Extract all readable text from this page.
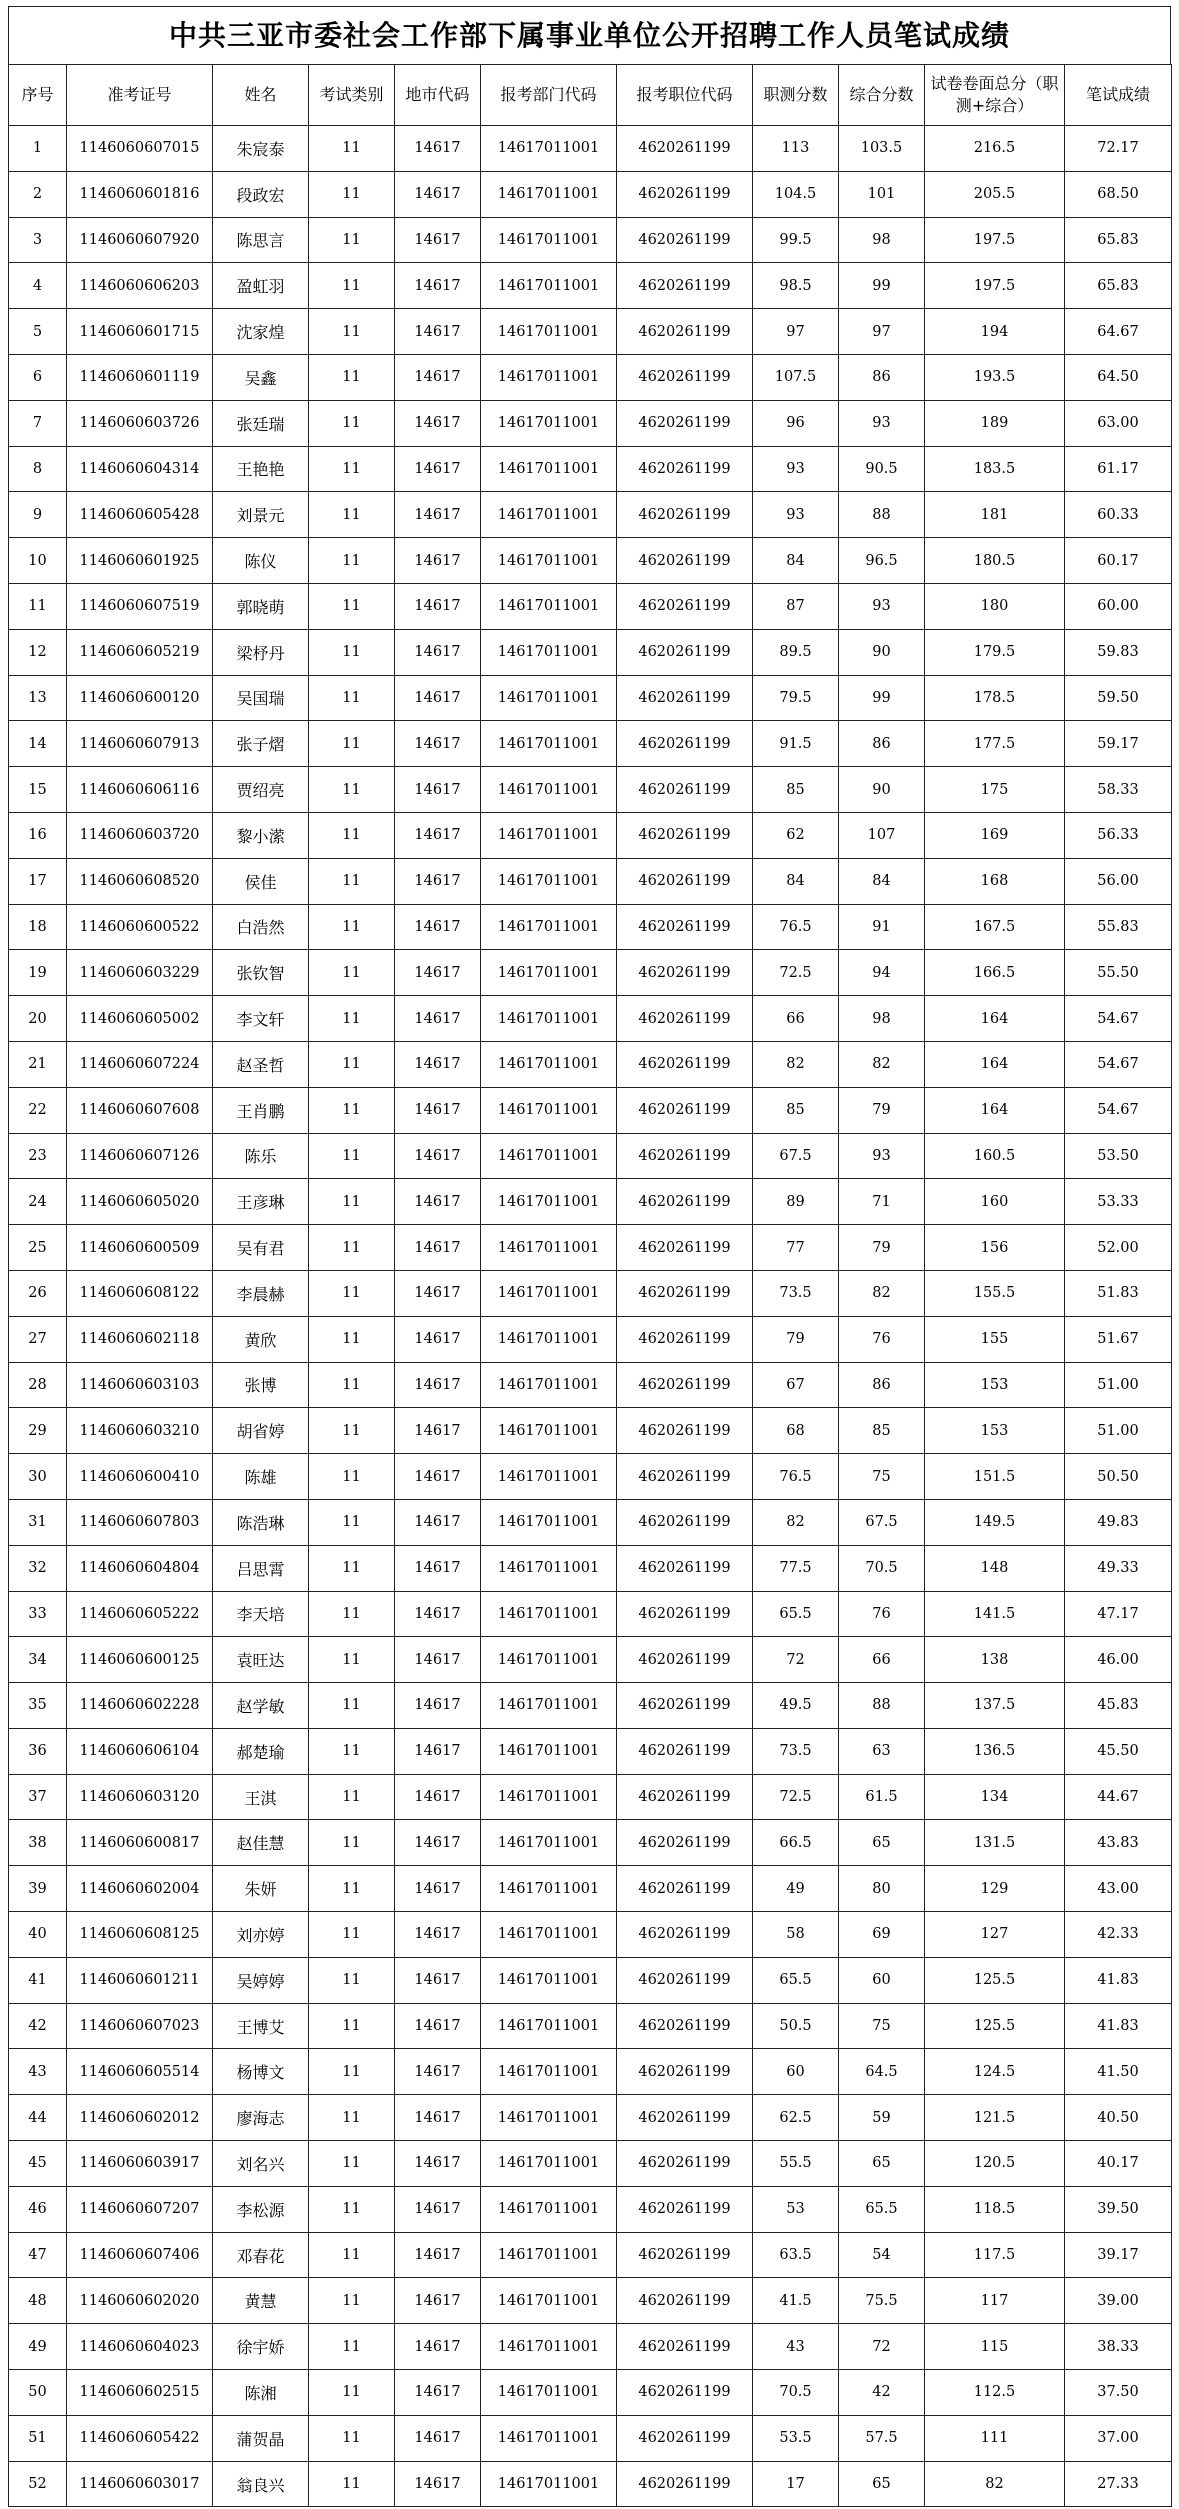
中共三亚市委社会工作部下属事业单位公开招聘工作人员笔试成绩
序号	准考证号	姓名	考试类别	地市代码	报考部门代码	报考职位代码	职测分数	综合分数	试卷卷面总分（职测+综合）	笔试成绩
1	1146060607015	朱宸泰	11	14617	14617011001	4620261199	113	103.5	216.5	72.17
2	1146060601816	段政宏	11	14617	14617011001	4620261199	104.5	101	205.5	68.50
3	1146060607920	陈思言	11	14617	14617011001	4620261199	99.5	98	197.5	65.83
4	1146060606203	盈虹羽	11	14617	14617011001	4620261199	98.5	99	197.5	65.83
5	1146060601715	沈家煌	11	14617	14617011001	4620261199	97	97	194	64.67
6	1146060601119	吴鑫	11	14617	14617011001	4620261199	107.5	86	193.5	64.50
7	1146060603726	张廷瑞	11	14617	14617011001	4620261199	96	93	189	63.00
8	1146060604314	王艳艳	11	14617	14617011001	4620261199	93	90.5	183.5	61.17
9	1146060605428	刘景元	11	14617	14617011001	4620261199	93	88	181	60.33
10	1146060601925	陈仪	11	14617	14617011001	4620261199	84	96.5	180.5	60.17
11	1146060607519	郭晓萌	11	14617	14617011001	4620261199	87	93	180	60.00
12	1146060605219	梁杼丹	11	14617	14617011001	4620261199	89.5	90	179.5	59.83
13	1146060600120	吴国瑞	11	14617	14617011001	4620261199	79.5	99	178.5	59.50
14	1146060607913	张子熠	11	14617	14617011001	4620261199	91.5	86	177.5	59.17
15	1146060606116	贾绍亮	11	14617	14617011001	4620261199	85	90	175	58.33
16	1146060603720	黎小潆	11	14617	14617011001	4620261199	62	107	169	56.33
17	1146060608520	侯佳	11	14617	14617011001	4620261199	84	84	168	56.00
18	1146060600522	白浩然	11	14617	14617011001	4620261199	76.5	91	167.5	55.83
19	1146060603229	张钦智	11	14617	14617011001	4620261199	72.5	94	166.5	55.50
20	1146060605002	李文轩	11	14617	14617011001	4620261199	66	98	164	54.67
21	1146060607224	赵圣哲	11	14617	14617011001	4620261199	82	82	164	54.67
22	1146060607608	王肖鹏	11	14617	14617011001	4620261199	85	79	164	54.67
23	1146060607126	陈乐	11	14617	14617011001	4620261199	67.5	93	160.5	53.50
24	1146060605020	王彦琳	11	14617	14617011001	4620261199	89	71	160	53.33
25	1146060600509	吴有君	11	14617	14617011001	4620261199	77	79	156	52.00
26	1146060608122	李晨赫	11	14617	14617011001	4620261199	73.5	82	155.5	51.83
27	1146060602118	黄欣	11	14617	14617011001	4620261199	79	76	155	51.67
28	1146060603103	张博	11	14617	14617011001	4620261199	67	86	153	51.00
29	1146060603210	胡省婷	11	14617	14617011001	4620261199	68	85	153	51.00
30	1146060600410	陈雄	11	14617	14617011001	4620261199	76.5	75	151.5	50.50
31	1146060607803	陈浩琳	11	14617	14617011001	4620261199	82	67.5	149.5	49.83
32	1146060604804	吕思霄	11	14617	14617011001	4620261199	77.5	70.5	148	49.33
33	1146060605222	李天培	11	14617	14617011001	4620261199	65.5	76	141.5	47.17
34	1146060600125	袁旺达	11	14617	14617011001	4620261199	72	66	138	46.00
35	1146060602228	赵学敏	11	14617	14617011001	4620261199	49.5	88	137.5	45.83
36	1146060606104	郝楚瑜	11	14617	14617011001	4620261199	73.5	63	136.5	45.50
37	1146060603120	王淇	11	14617	14617011001	4620261199	72.5	61.5	134	44.67
38	1146060600817	赵佳慧	11	14617	14617011001	4620261199	66.5	65	131.5	43.83
39	1146060602004	朱妍	11	14617	14617011001	4620261199	49	80	129	43.00
40	1146060608125	刘亦婷	11	14617	14617011001	4620261199	58	69	127	42.33
41	1146060601211	吴婷婷	11	14617	14617011001	4620261199	65.5	60	125.5	41.83
42	1146060607023	王博艾	11	14617	14617011001	4620261199	50.5	75	125.5	41.83
43	1146060605514	杨博文	11	14617	14617011001	4620261199	60	64.5	124.5	41.50
44	1146060602012	廖海志	11	14617	14617011001	4620261199	62.5	59	121.5	40.50
45	1146060603917	刘名兴	11	14617	14617011001	4620261199	55.5	65	120.5	40.17
46	1146060607207	李松源	11	14617	14617011001	4620261199	53	65.5	118.5	39.50
47	1146060607406	邓春花	11	14617	14617011001	4620261199	63.5	54	117.5	39.17
48	1146060602020	黄慧	11	14617	14617011001	4620261199	41.5	75.5	117	39.00
49	1146060604023	徐宇娇	11	14617	14617011001	4620261199	43	72	115	38.33
50	1146060602515	陈湘	11	14617	14617011001	4620261199	70.5	42	112.5	37.50
51	1146060605422	蒲贺晶	11	14617	14617011001	4620261199	53.5	57.5	111	37.00
52	1146060603017	翁良兴	11	14617	14617011001	4620261199	17	65	82	27.33
